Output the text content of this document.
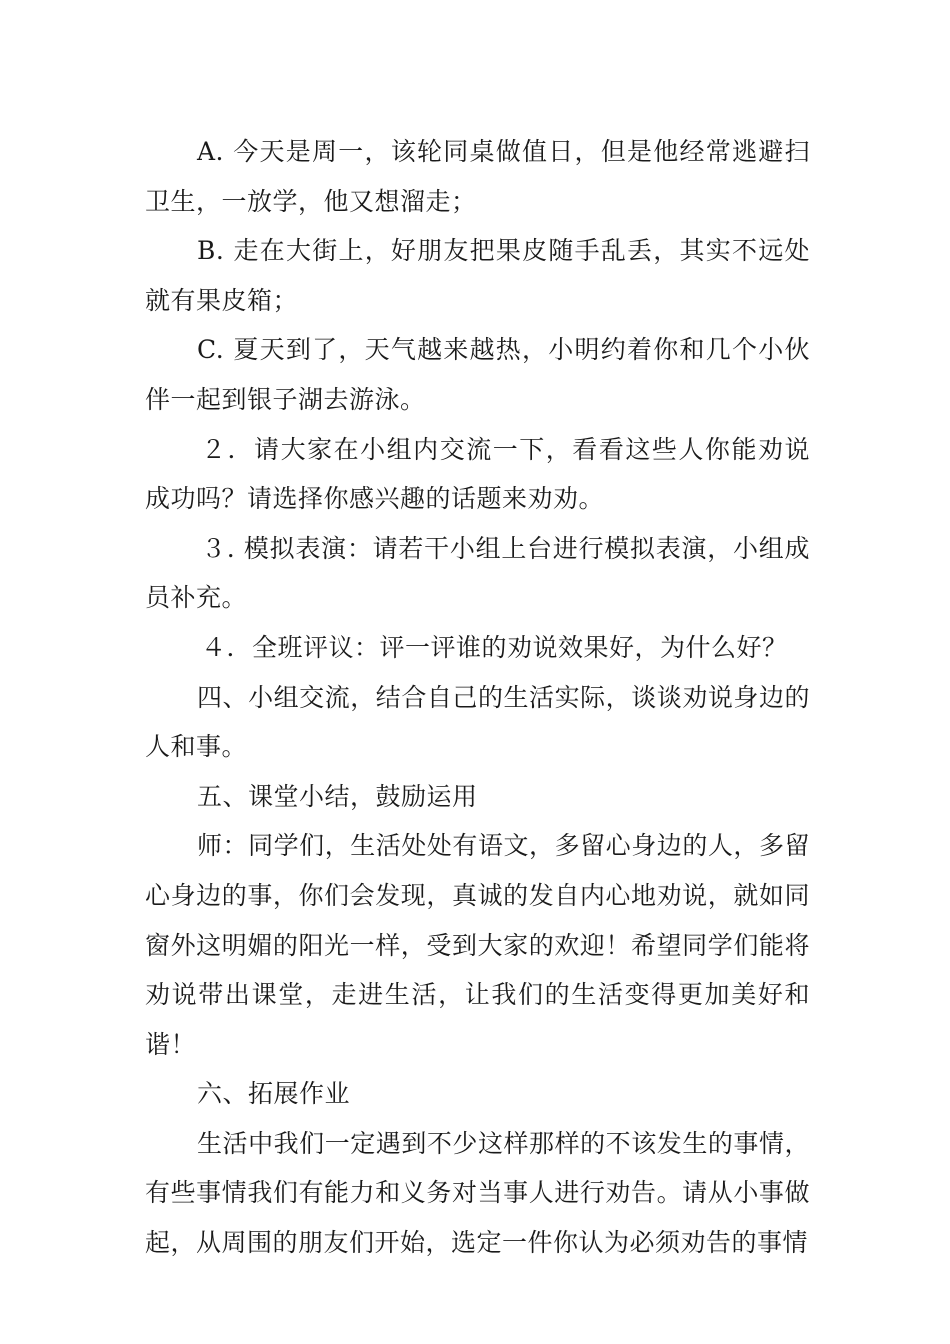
A. 今天是周一，该轮同桌做值日，但是他经常逃避扫卫生，一放学，他又想溜走；

B. 走在大街上，好朋友把果皮随手乱丢，其实不远处就有果皮箱；

C. 夏天到了，天气越来越热，小明约着你和几个小伙伴一起到银子湖去游泳。

２．请大家在小组内交流一下，看看这些人你能劝说成功吗？请选择你感兴趣的话题来劝劝。

３. 模拟表演：请若干小组上台进行模拟表演，小组成员补充。

４．全班评议：评一评谁的劝说效果好，为什么好？

四、小组交流，结合自己的生活实际，谈谈劝说身边的人和事。

五、课堂小结，鼓励运用

师：同学们，生活处处有语文，多留心身边的人，多留心身边的事，你们会发现，真诚的发自内心地劝说，就如同窗外这明媚的阳光一样，受到大家的欢迎！希望同学们能将劝说带出课堂，走进生活，让我们的生活变得更加美好和谐！

六、拓展作业

生活中我们一定遇到不少这样那样的不该发生的事情，有些事情我们有能力和义务对当事人进行劝告。请从小事做起，从周围的朋友们开始，选定一件你认为必须劝告的事情
